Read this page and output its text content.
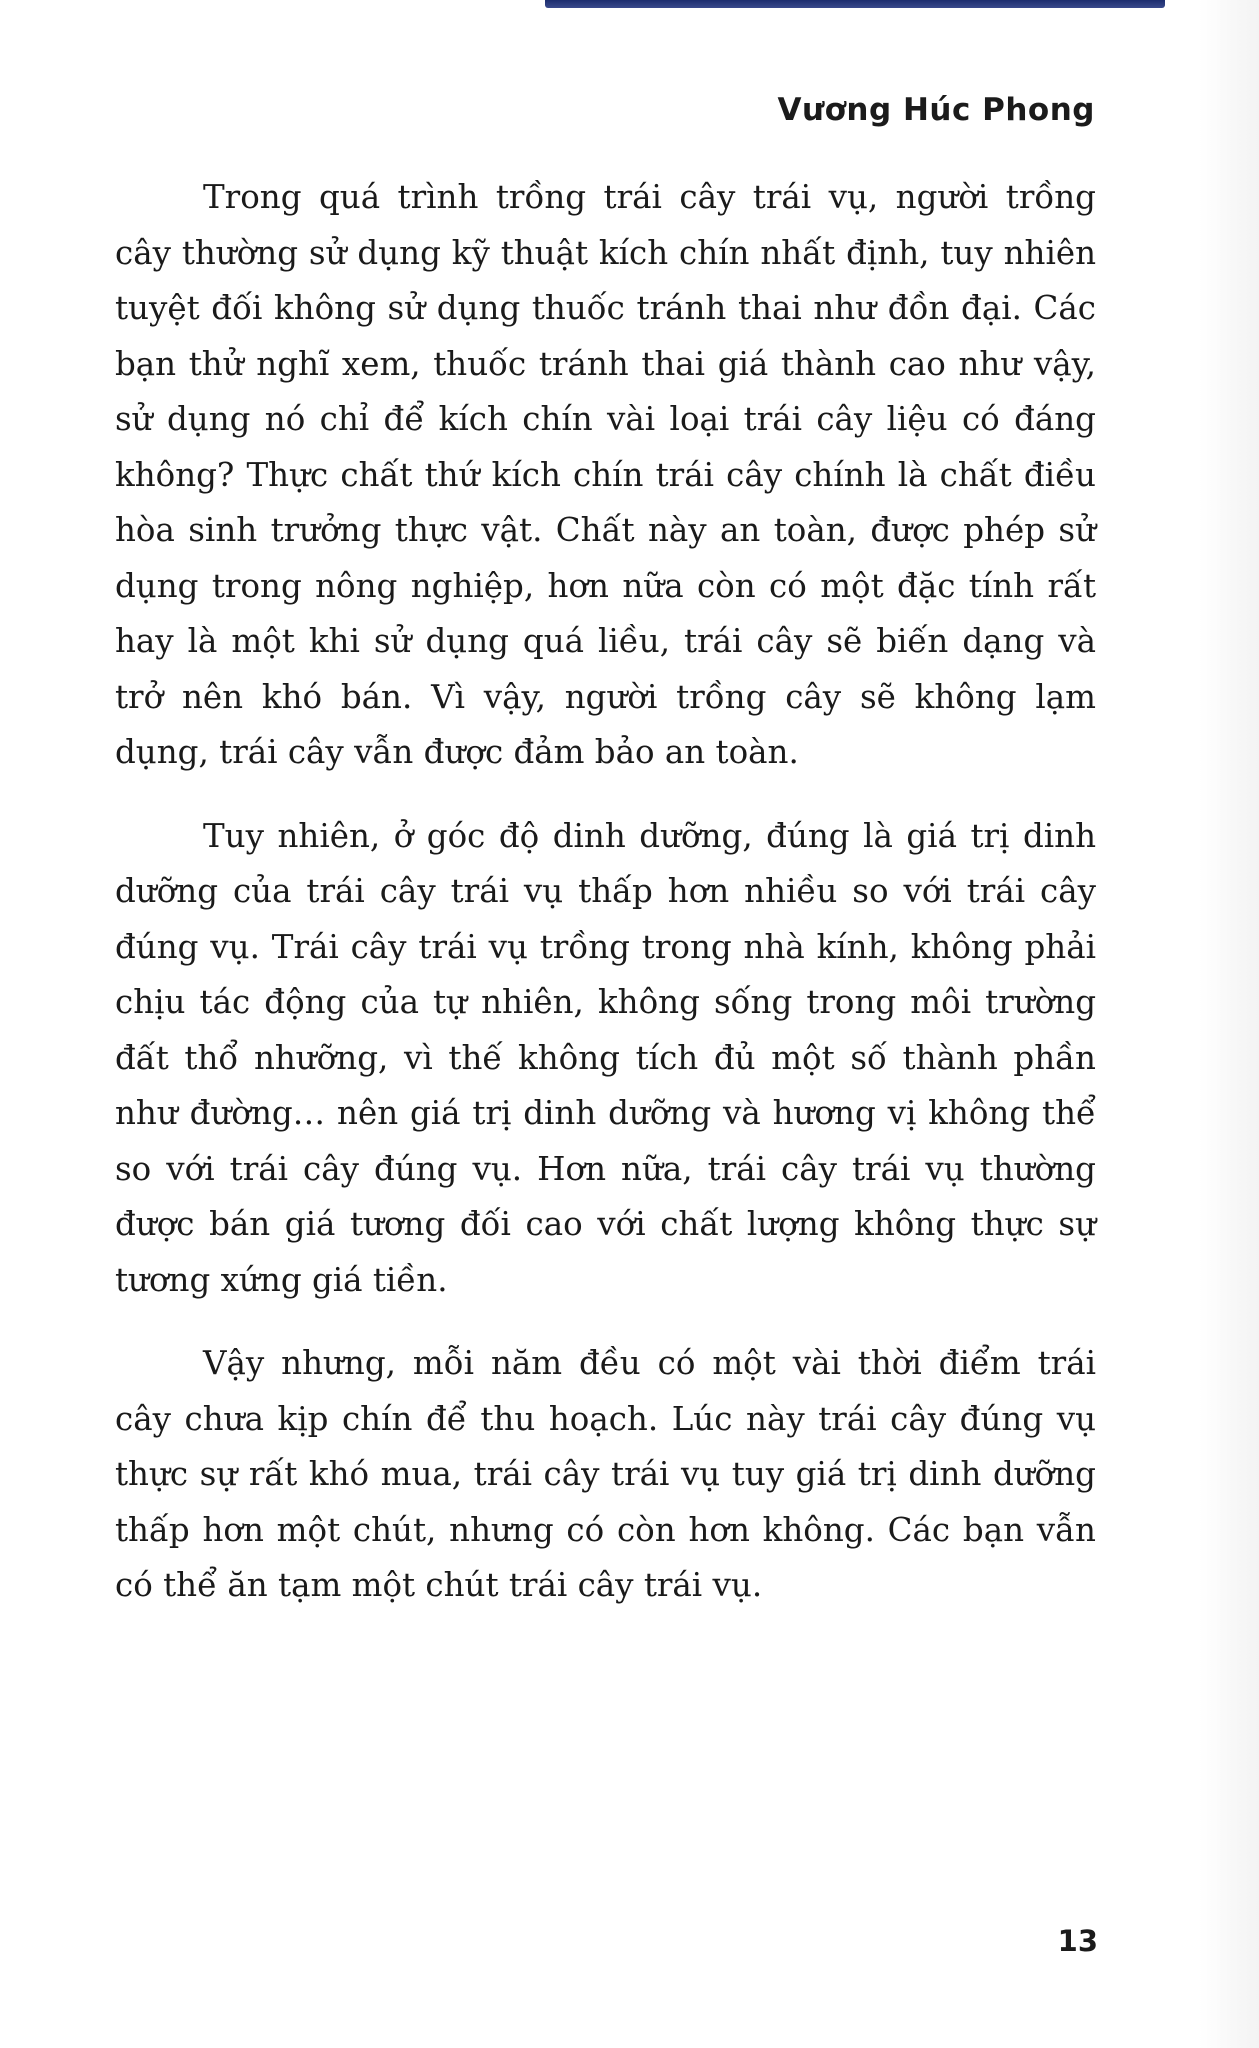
Vương Húc Phong

Trong quá trình trồng trái cây trái vụ, người trồng cây thường sử dụng kỹ thuật kích chín nhất định, tuy nhiên tuyệt đối không sử dụng thuốc tránh thai như đồn đại. Các bạn thử nghĩ xem, thuốc tránh thai giá thành cao như vậy, sử dụng nó chỉ để kích chín vài loại trái cây liệu có đáng không? Thực chất thứ kích chín trái cây chính là chất điều hòa sinh trưởng thực vật. Chất này an toàn, được phép sử dụng trong nông nghiệp, hơn nữa còn có một đặc tính rất hay là một khi sử dụng quá liều, trái cây sẽ biến dạng và trở nên khó bán. Vì vậy, người trồng cây sẽ không lạm dụng, trái cây vẫn được đảm bảo an toàn.

Tuy nhiên, ở góc độ dinh dưỡng, đúng là giá trị dinh dưỡng của trái cây trái vụ thấp hơn nhiều so với trái cây đúng vụ. Trái cây trái vụ trồng trong nhà kính, không phải chịu tác động của tự nhiên, không sống trong môi trường đất thổ nhưỡng, vì thế không tích đủ một số thành phần như đường… nên giá trị dinh dưỡng và hương vị không thể so với trái cây đúng vụ. Hơn nữa, trái cây trái vụ thường được bán giá tương đối cao với chất lượng không thực sự tương xứng giá tiền.

Vậy nhưng, mỗi năm đều có một vài thời điểm trái cây chưa kịp chín để thu hoạch. Lúc này trái cây đúng vụ thực sự rất khó mua, trái cây trái vụ tuy giá trị dinh dưỡng thấp hơn một chút, nhưng có còn hơn không. Các bạn vẫn có thể ăn tạm một chút trái cây trái vụ.

13
